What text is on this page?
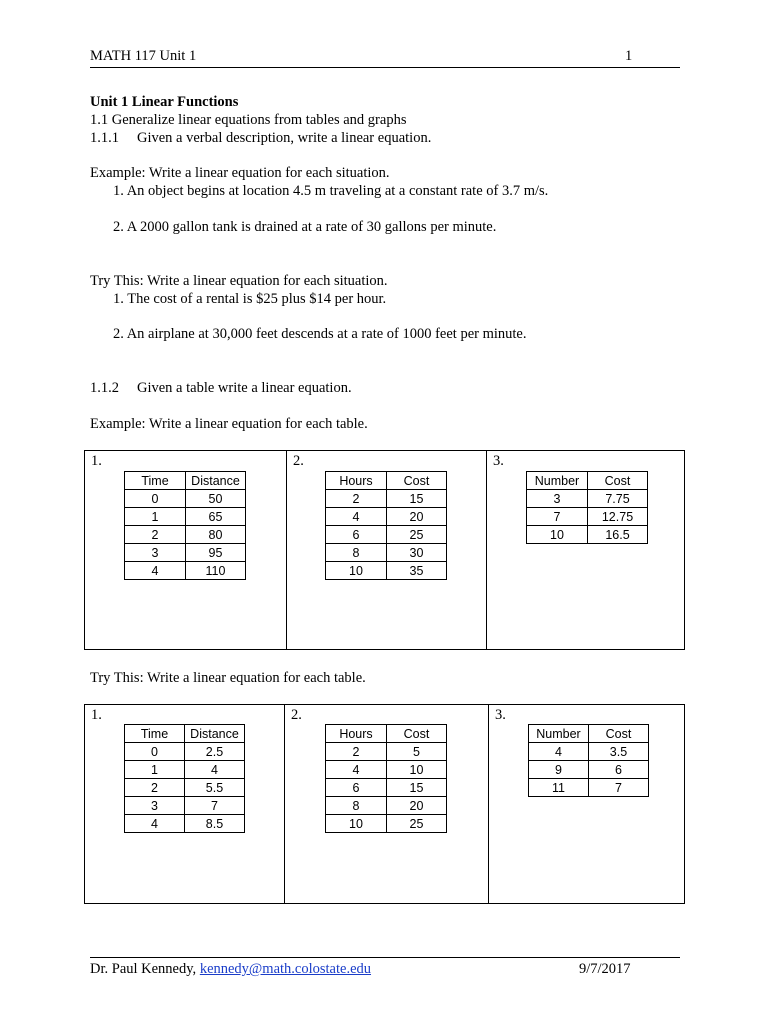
MATH 117 Unit 1	1
Unit 1 Linear Functions
1.1 Generalize linear equations from tables and graphs
1.1.1 Given a verbal description, write a linear equation.
Example: Write a linear equation for each situation.
1. An object begins at location 4.5 m traveling at a constant rate of 3.7 m/s.
2. A 2000 gallon tank is drained at a rate of 30 gallons per minute.
Try This: Write a linear equation for each situation.
1. The cost of a rental is $25 plus $14 per hour.
2. An airplane at 30,000 feet descends at a rate of 1000 feet per minute.
1.1.2 Given a table write a linear equation.
Example: Write a linear equation for each table.
1.
Time	Distance
0	50
1	65
2	80
3	95
4	110
2.
Hours	Cost
2	15
4	20
6	25
8	30
10	35
3.
Number	Cost
3	7.75
7	12.75
10	16.5
Try This: Write a linear equation for each table.
1.
Time	Distance
0	2.5
1	4
2	5.5
3	7
4	8.5
2.
Hours	Cost
2	5
4	10
6	15
8	20
10	25
3.
Number	Cost
4	3.5
9	6
11	7
Dr. Paul Kennedy, kennedy@math.colostate.edu	9/7/2017
